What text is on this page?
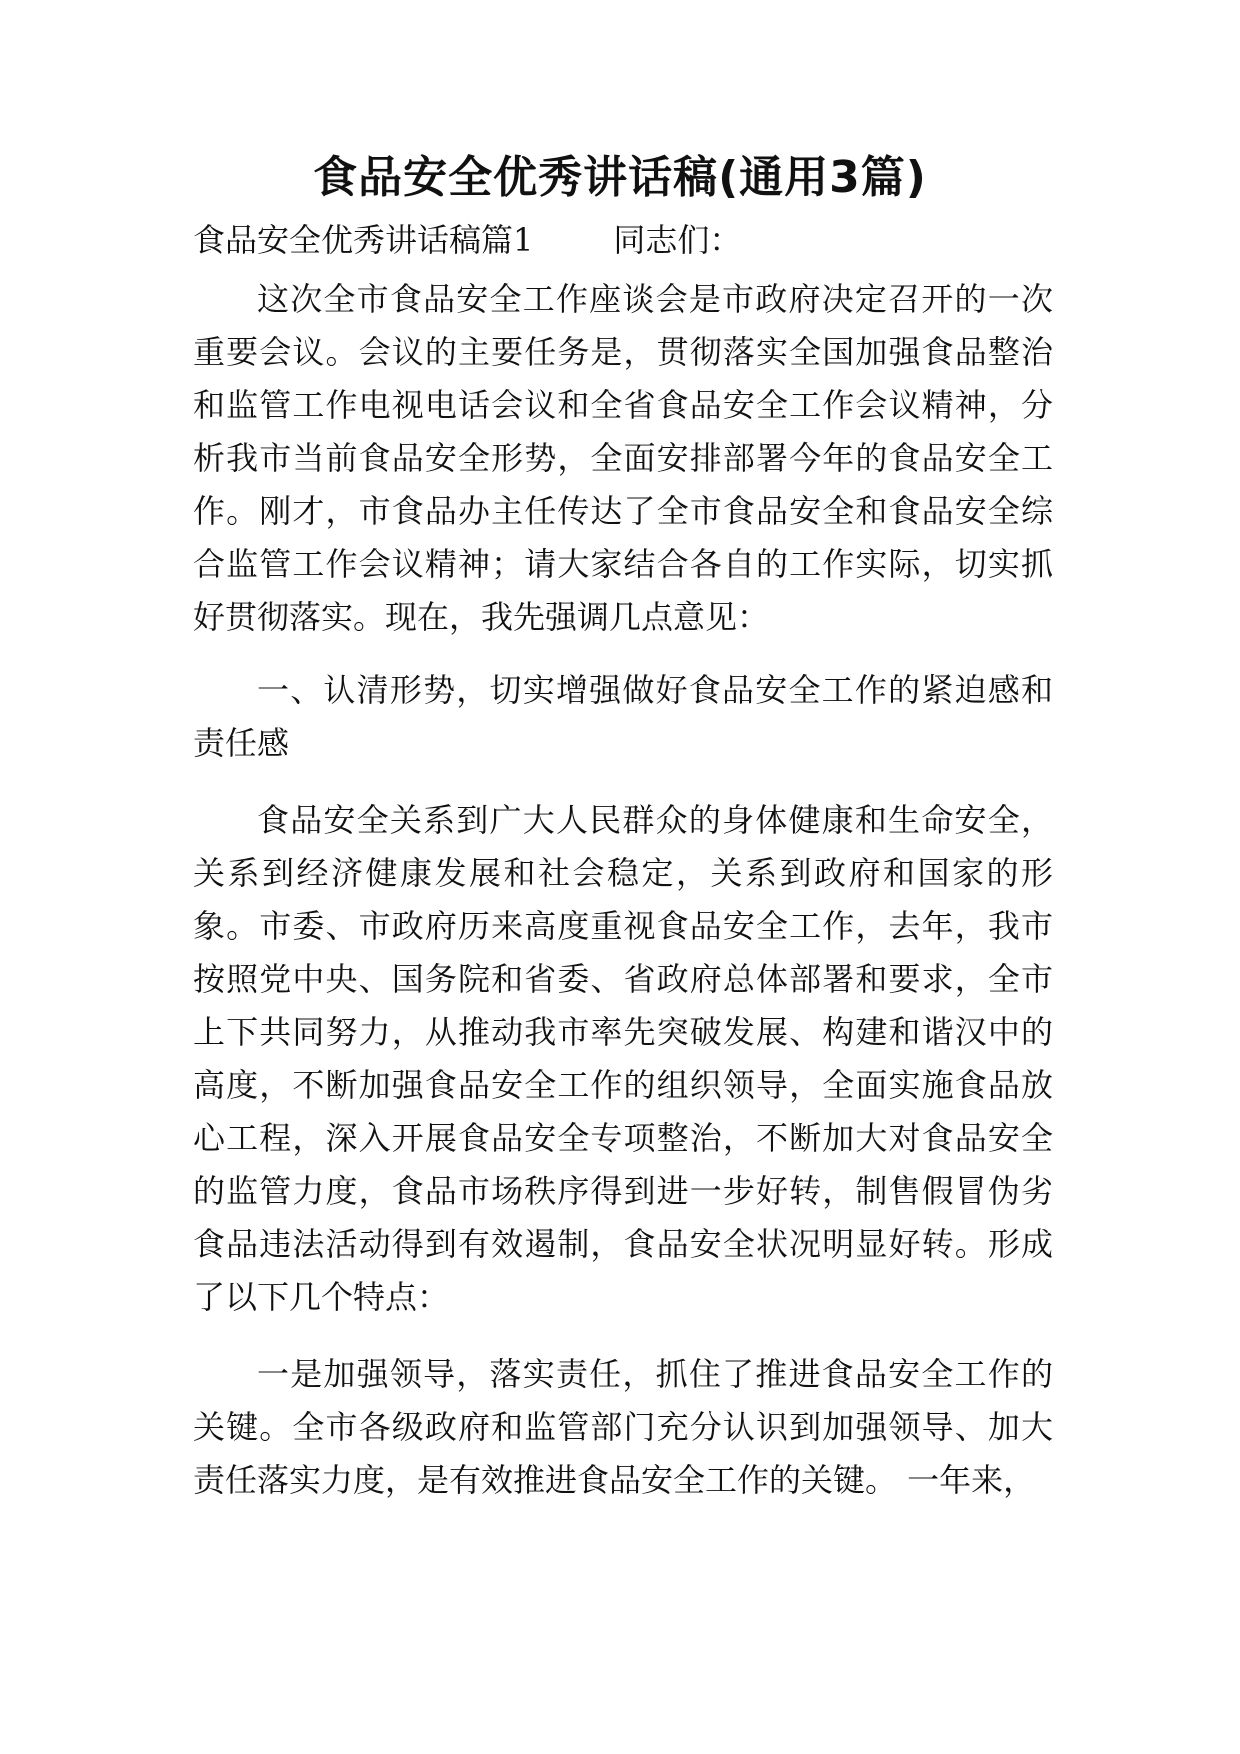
食品安全优秀讲话稿(通用3篇)
食品安全优秀讲话稿篇1	同志们：

这次全市食品安全工作座谈会是市政府决定召开的一次重要会议。会议的主要任务是，贯彻落实全国加强食品整治和监管工作电视电话会议和全省食品安全工作会议精神，分析我市当前食品安全形势，全面安排部署今年的食品安全工作。刚才，市食品办主任传达了全市食品安全和食品安全综合监管工作会议精神；请大家结合各自的工作实际，切实抓好贯彻落实。现在，我先强调几点意见：

一、认清形势，切实增强做好食品安全工作的紧迫感和责任感

食品安全关系到广大人民群众的身体健康和生命安全，关系到经济健康发展和社会稳定，关系到政府和国家的形象。市委、市政府历来高度重视食品安全工作，去年，我市按照党中央、国务院和省委、省政府总体部署和要求，全市上下共同努力，从推动我市率先突破发展、构建和谐汉中的高度，不断加强食品安全工作的组织领导，全面实施食品放心工程，深入开展食品安全专项整治，不断加大对食品安全的监管力度，食品市场秩序得到进一步好转，制售假冒伪劣食品违法活动得到有效遏制，食品安全状况明显好转。形成了以下几个特点：

一是加强领导，落实责任，抓住了推进食品安全工作的关键。全市各级政府和监管部门充分认识到加强领导、加大责任落实力度，是有效推进食品安全工作的关键。 一年来，
